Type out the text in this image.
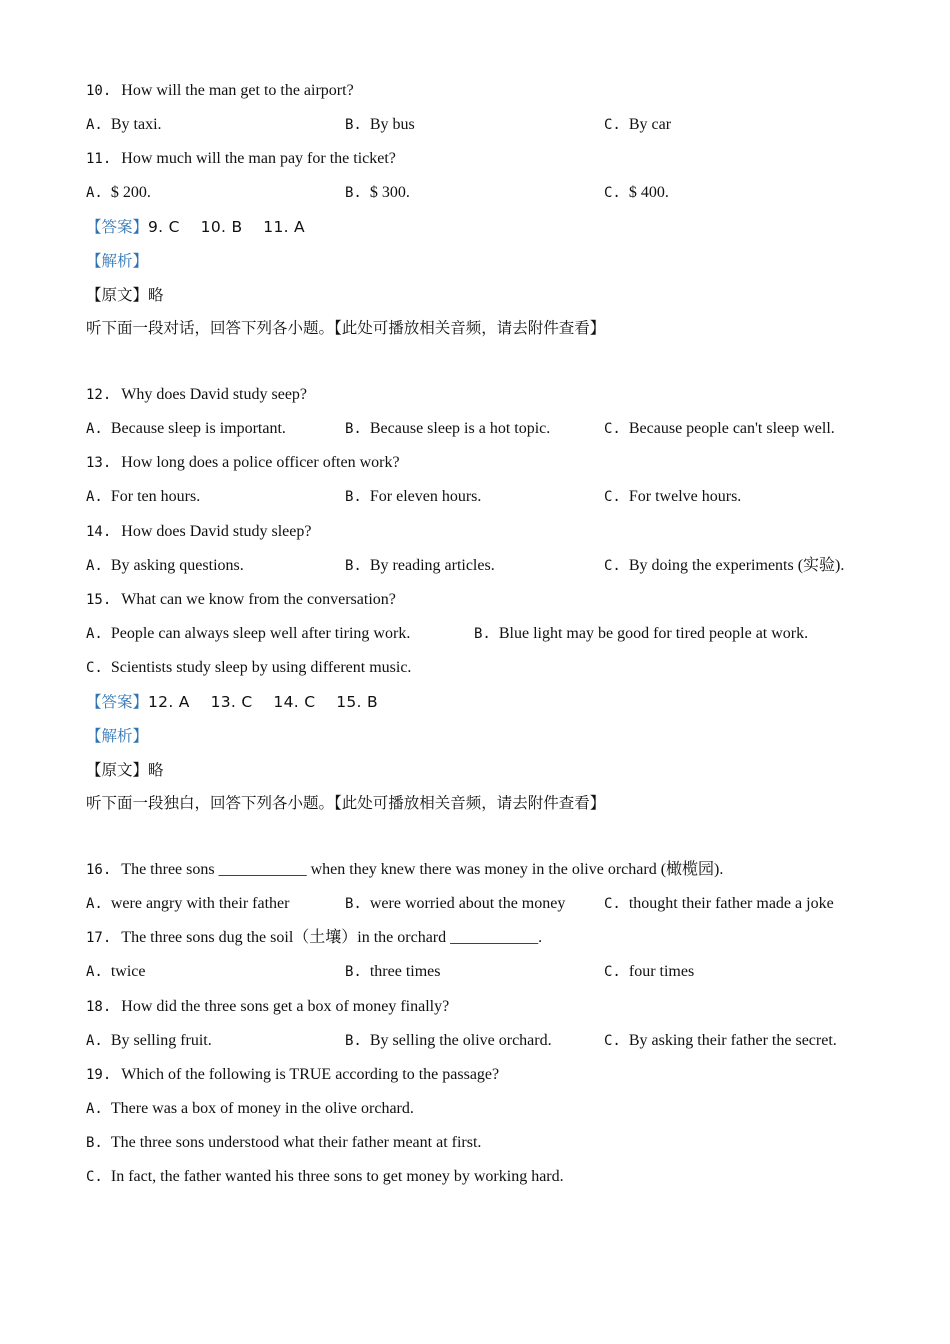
10. How will the man get to the airport?
A. By taxi.	B. By bus	C. By car
11. How much will the man pay for the ticket?
A. $ 200.	B. $ 300.	C. $ 400.
【答案】9. C    10. B    11. A
【解析】
【原文】略
听下面一段对话，回答下列各小题。【此处可播放相关音频，请去附件查看】
12. Why does David study seep?
A. Because sleep is important.	B. Because sleep is a hot topic.	C. Because people can't sleep well.
13. How long does a police officer often work?
A. For ten hours.	B. For eleven hours.	C. For twelve hours.
14. How does David study sleep?
A. By asking questions.	B. By reading articles.	C. By doing the experiments (实验).
15. What can we know from the conversation?
A. People can always sleep well after tiring work.	B. Blue light may be good for tired people at work.
C. Scientists study sleep by using different music.
【答案】12. A    13. C    14. C    15. B
【解析】
【原文】略
听下面一段独白，回答下列各小题。【此处可播放相关音频，请去附件查看】
16. The three sons ___________ when they knew there was money in the olive orchard (橄榄园).
A. were angry with their father	B. were worried about the money	C. thought their father made a joke
17. The three sons dug the soil（土壤）in the orchard ___________.
A. twice	B. three times	C. four times
18. How did the three sons get a box of money finally?
A. By selling fruit.	B. By selling the olive orchard.	C. By asking their father the secret.
19. Which of the following is TRUE according to the passage?
A. There was a box of money in the olive orchard.
B. The three sons understood what their father meant at first.
C. In fact, the father wanted his three sons to get money by working hard.
